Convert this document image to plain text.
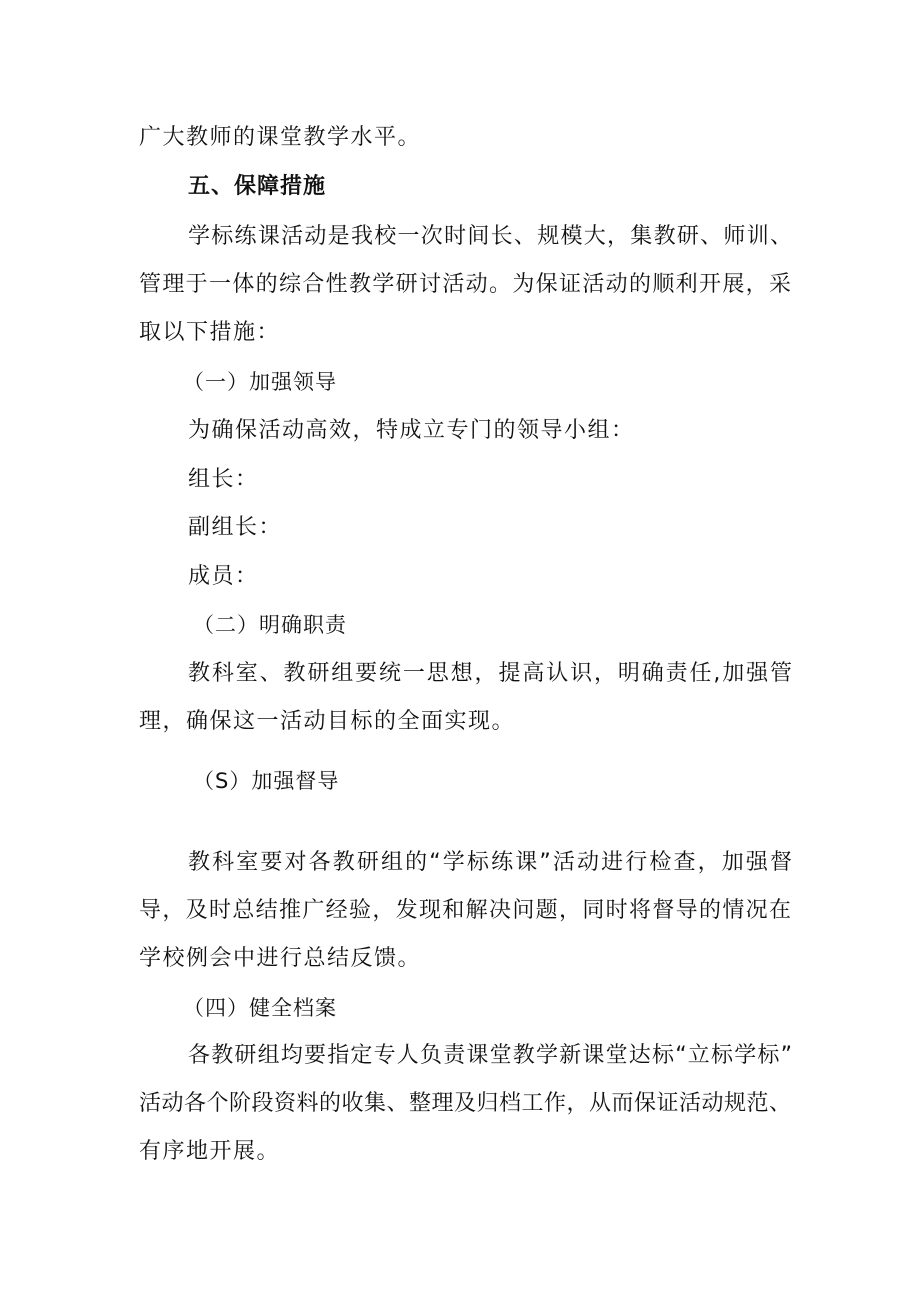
广大教师的课堂教学水平。
五、保障措施
学标练课活动是我校一次时间长、规模大，集教研、师训、
管理于一体的综合性教学研讨活动。为保证活动的顺利开展，采
取以下措施：
（一）加强领导
为确保活动高效，特成立专门的领导小组：
组长：
副组长：
成员：
（二）明确职责
教科室、教研组要统一思想，提高认识，明确责任,加强管
理，确保这一活动目标的全面实现。
（S）加强督导
教科室要对各教研组的“学标练课”活动进行检查，加强督
导，及时总结推广经验，发现和解决问题，同时将督导的情况在
学校例会中进行总结反馈。
（四）健全档案
各教研组均要指定专人负责课堂教学新课堂达标“立标学标”
活动各个阶段资料的收集、整理及归档工作，从而保证活动规范、
有序地开展。
